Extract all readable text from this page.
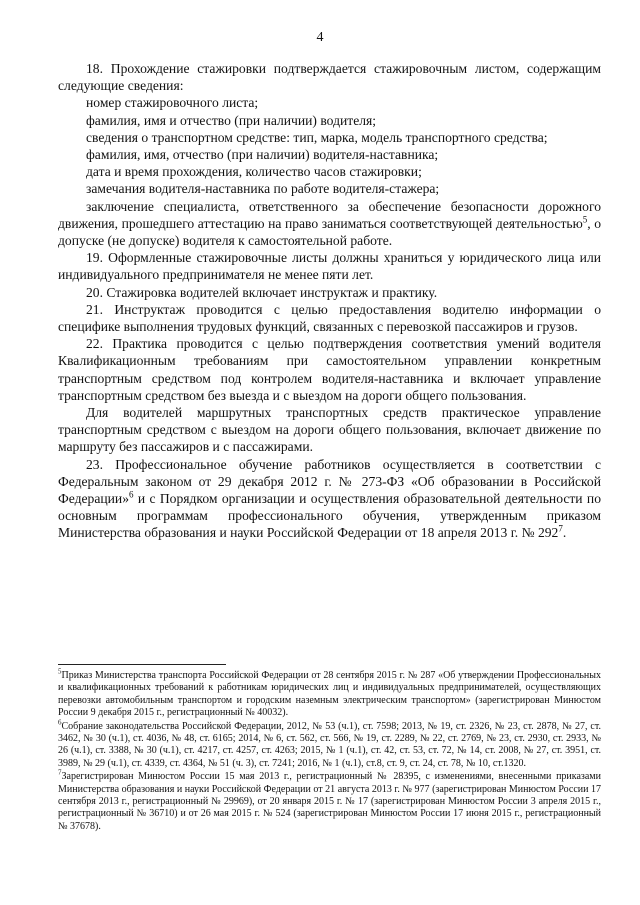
4

18. Прохождение стажировки подтверждается стажировочным листом, содержащим следующие сведения:

номер стажировочного листа;

фамилия, имя и отчество (при наличии) водителя;

сведения о транспортном средстве: тип, марка, модель транспортного средства;

фамилия, имя, отчество (при наличии) водителя-наставника;

дата и время прохождения, количество часов стажировки;

замечания водителя-наставника по работе водителя-стажера;

заключение специалиста, ответственного за обеспечение безопасности дорожного движения, прошедшего аттестацию на право заниматься соответствующей деятельностью$^5$, о допуске (не допуске) водителя к самостоятельной работе.

19. Оформленные стажировочные листы должны храниться у юридического лица или индивидуального предпринимателя не менее пяти лет.

20. Стажировка водителей включает инструктаж и практику.

21. Инструктаж проводится с целью предоставления водителю информации о специфике выполнения трудовых функций, связанных с перевозкой пассажиров и грузов.

22. Практика проводится с целью подтверждения соответствия умений водителя Квалификационным требованиям при самостоятельном управлении конкретным транспортным средством под контролем водителя-наставника и включает управление транспортным средством без выезда и с выездом на дороги общего пользования.

Для водителей маршрутных транспортных средств практическое управление транспортным средством с выездом на дороги общего пользования, включает движение по маршруту без пассажиров и с пассажирами.

23. Профессиональное обучение работников осуществляется в соответствии с Федеральным законом от 29 декабря 2012 г. № 273-ФЗ «Об образовании в Российской Федерации»$^6$ и с Порядком организации и осуществления образовательной деятельности по основным программам профессионального обучения, утвержденным приказом Министерства образования и науки Российской Федерации от 18 апреля 2013 г. № $292^7$.

$^5$Приказ Министерства транспорта Российской Федерации от 28 сентября 2015 г. № 287 «Об утверждении Профессиональных и квалификационных требований к работникам юридических лиц и индивидуальных предпринимателей, осуществляющих перевозки автомобильным транспортом и городским наземным электрическим транспортом» (зарегистрирован Минюстом России 9 декабря 2015 г., регистрационный № 40032).

$^6$Собрание законодательства Российской Федерации, 2012, № 53 (ч.1), ст. 7598; 2013, № 19, ст. 2326, № 23, ст. 2878, № 27, ст. 3462, № 30 (ч.1), ст. 4036, № 48, ст. 6165; 2014, № 6, ст. 562, ст. 566, № 19, ст. 2289, № 22, ст. 2769, № 23, ст. 2930, ст. 2933, № 26 (ч.1), ст. 3388, № 30 (ч.1), ст. 4217, ст. 4257, ст. 4263; 2015, № 1 (ч.1), ст. 42, ст. 53, ст. 72, № 14, ст. 2008, № 27, ст. 3951, ст. 3989, № 29 (ч.1), ст. 4339, ст. 4364, № 51 (ч. 3), ст. 7241; 2016, № 1 (ч.1), ст.8, ст. 9, ст. 24, ст. 78, № 10, ст.1320.

$^7$Зарегистрирован Минюстом России 15 мая 2013 г., регистрационный № 28395, с изменениями, внесенными приказами Министерства образования и науки Российской Федерации от 21 августа 2013 г. № 977 (зарегистрирован Минюстом России 17 сентября 2013 г., регистрационный № 29969), от 20 января 2015 г. № 17 (зарегистрирован Минюстом России 3 апреля 2015 г., регистрационный № 36710) и от 26 мая 2015 г. № 524 (зарегистрирован Минюстом России 17 июня 2015 г., регистрационный № 37678).
